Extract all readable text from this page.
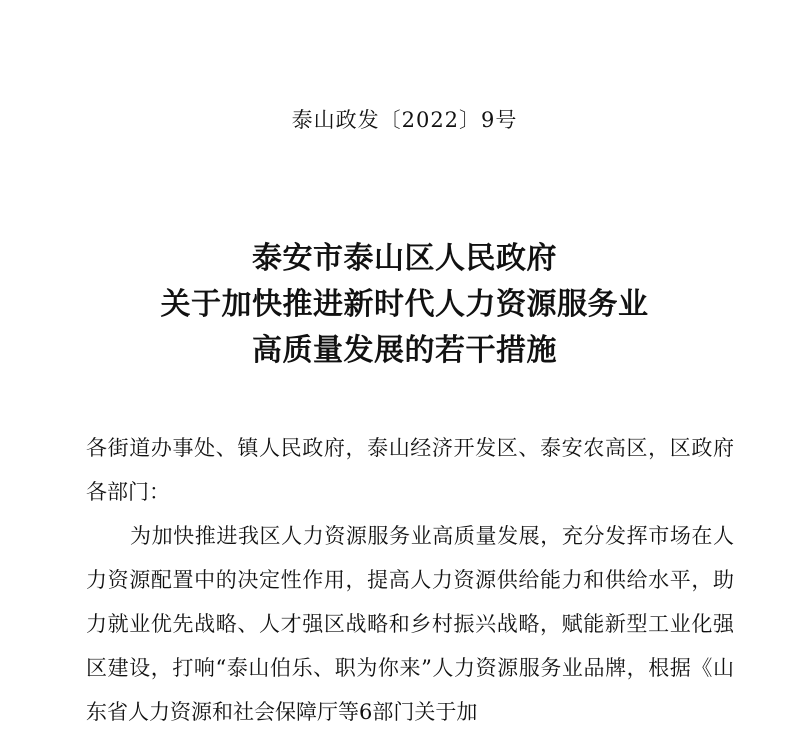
泰山政发〔2022〕9号
泰安市泰山区人民政府
关于加快推进新时代人力资源服务业
高质量发展的若干措施

各街道办事处、镇人民政府，泰山经济开发区、泰安农高区，区政府各部门：

为加快推进我区人力资源服务业高质量发展，充分发挥市场在人力资源配置中的决定性作用，提高人力资源供给能力和供给水平，助力就业优先战略、人才强区战略和乡村振兴战略，赋能新型工业化强区建设，打响“泰山伯乐、职为你来”人力资源服务业品牌，根据《山东省人力资源和社会保障厅等6部门关于加
